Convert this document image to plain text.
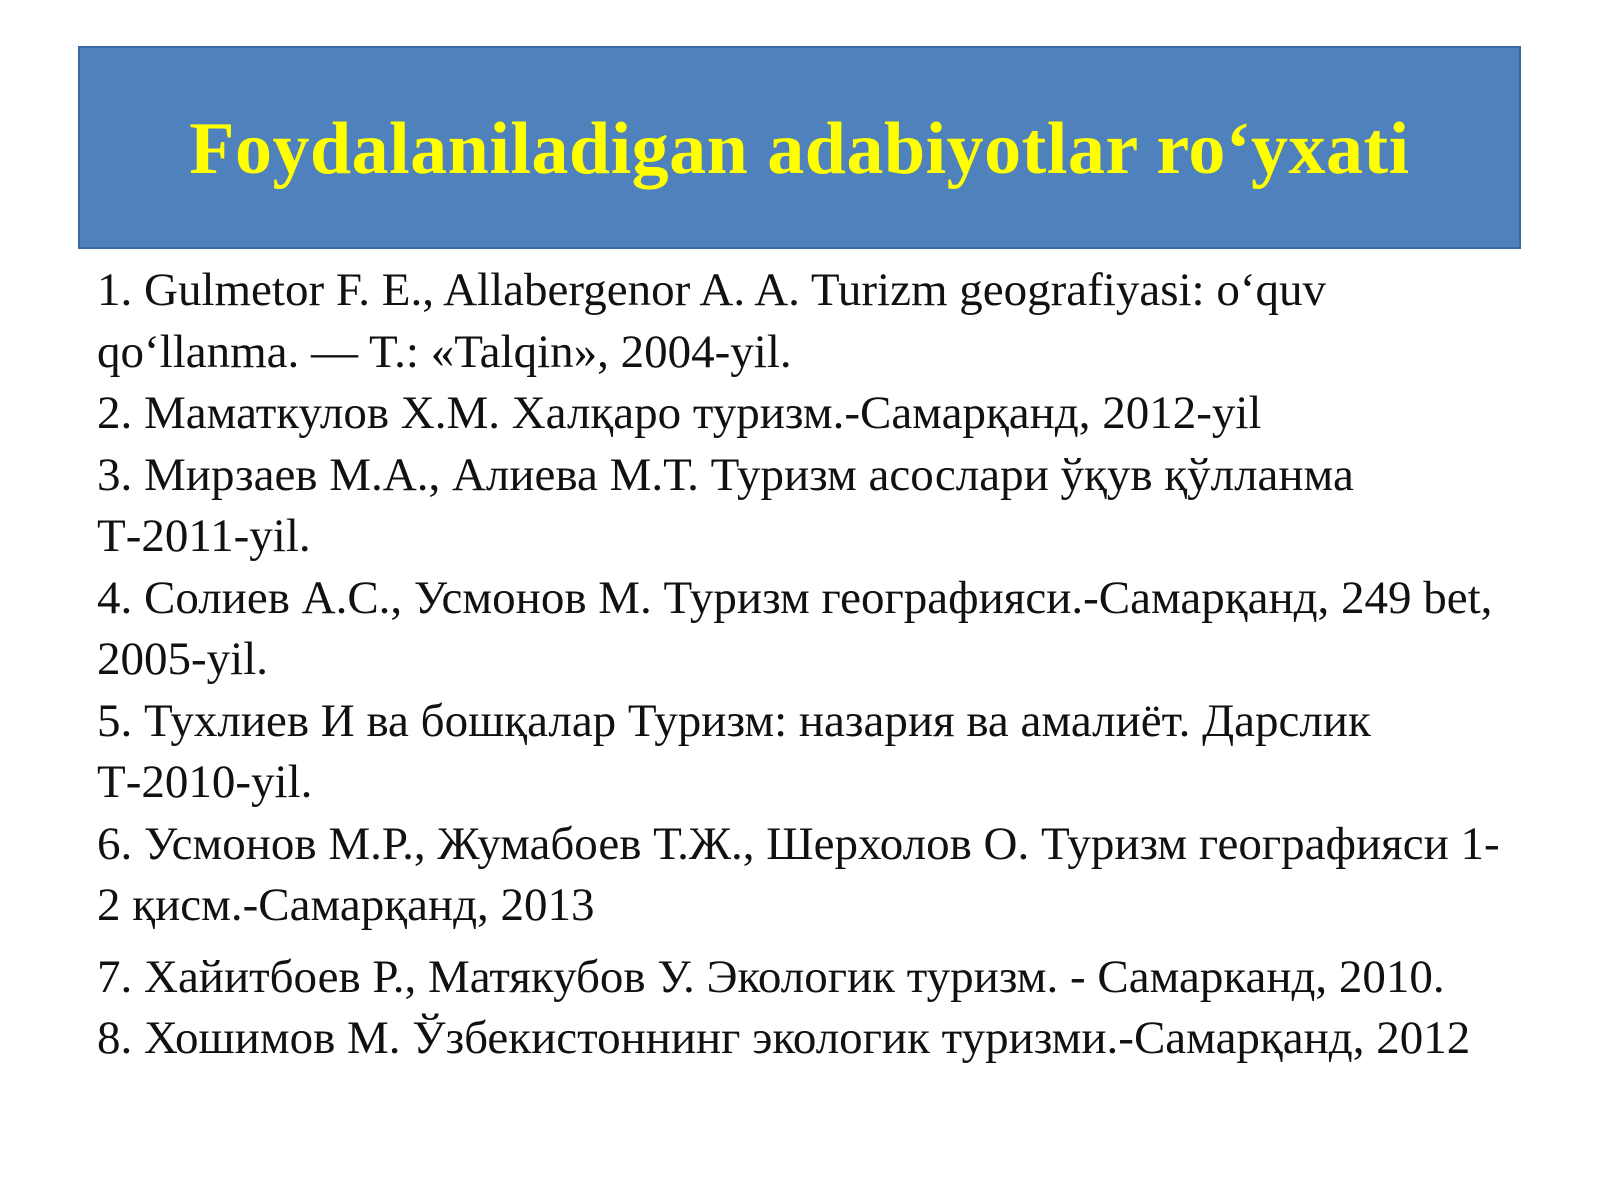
Foydalaniladigan adabiyotlar roʻyxati
1. Gulmetor F. E., Allabergenor A. A. Turizm geografiyasi: oʻquv qoʻllanma. — T.: «Talqin», 2004-yil.
2. Маматкулов Х.М. Халқаро туризм.-Самарқанд, 2012-yil
3. Мирзаев М.А., Алиева М.Т. Туризм асослари ўқув қўлланма Т-2011-yil.
4. Солиев А.С., Усмонов М. Туризм географияси.-Самарқанд, 249 bet, 2005-yil.
5. Тухлиев И ва бошқалар Туризм: назария ва амалиёт. Дарслик Т-2010-yil.
6. Усмонов М.Р., Жумабоев Т.Ж., Шерхолов О. Туризм географияси 1-2 қисм.-Самарқанд, 2013
7. Хайитбоев Р., Матякубов У. Экологик туризм. - Самарканд, 2010.
8. Хошимов М. Ўзбекистоннинг экологик туризми.-Самарқанд, 2012
